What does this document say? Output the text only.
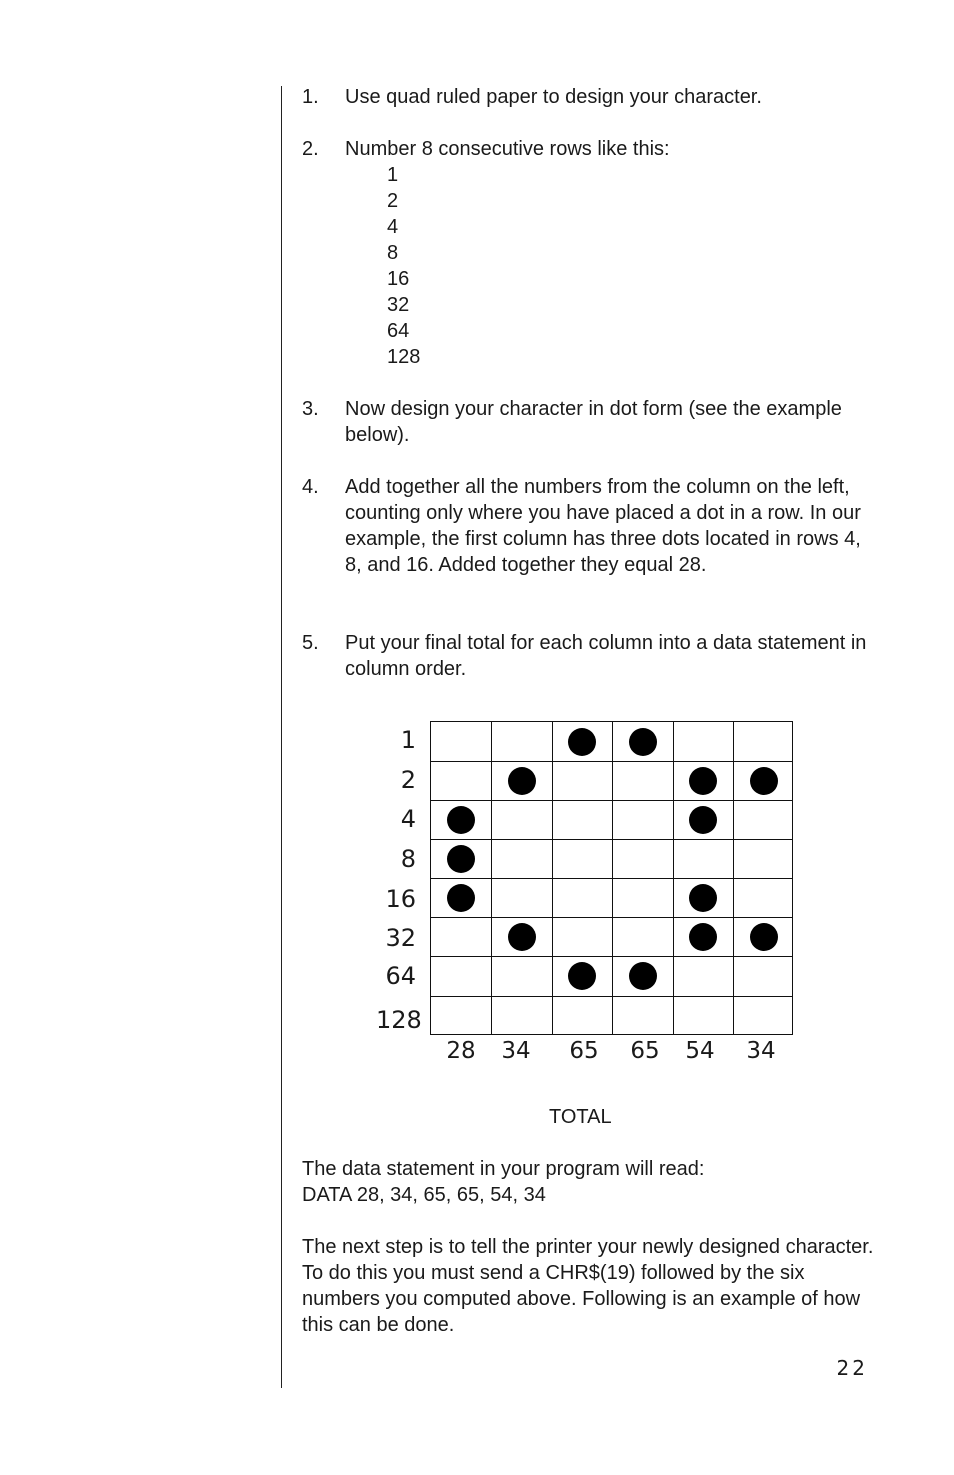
1. Use quad ruled paper to design your character.
2. Number 8 consecutive rows like this:
1
2
4
8
16
32
64
128
3. Now design your character in dot form (see the example below).
4. Add together all the numbers from the column on the left, counting only where you have placed a dot in a row. In our example, the first column has three dots located in rows 4, 8, and 16. Added together they equal 28.
5. Put your final total for each column into a data statement in column order.
1
2
4
8
16
32
64
128
28 34 65 65 54 34
TOTAL
The data statement in your program will read:
DATA 28, 34, 65, 65, 54, 34
The next step is to tell the printer your newly designed character. To do this you must send a CHR$(19) followed by the six numbers you computed above. Following is an example of how this can be done.
22
